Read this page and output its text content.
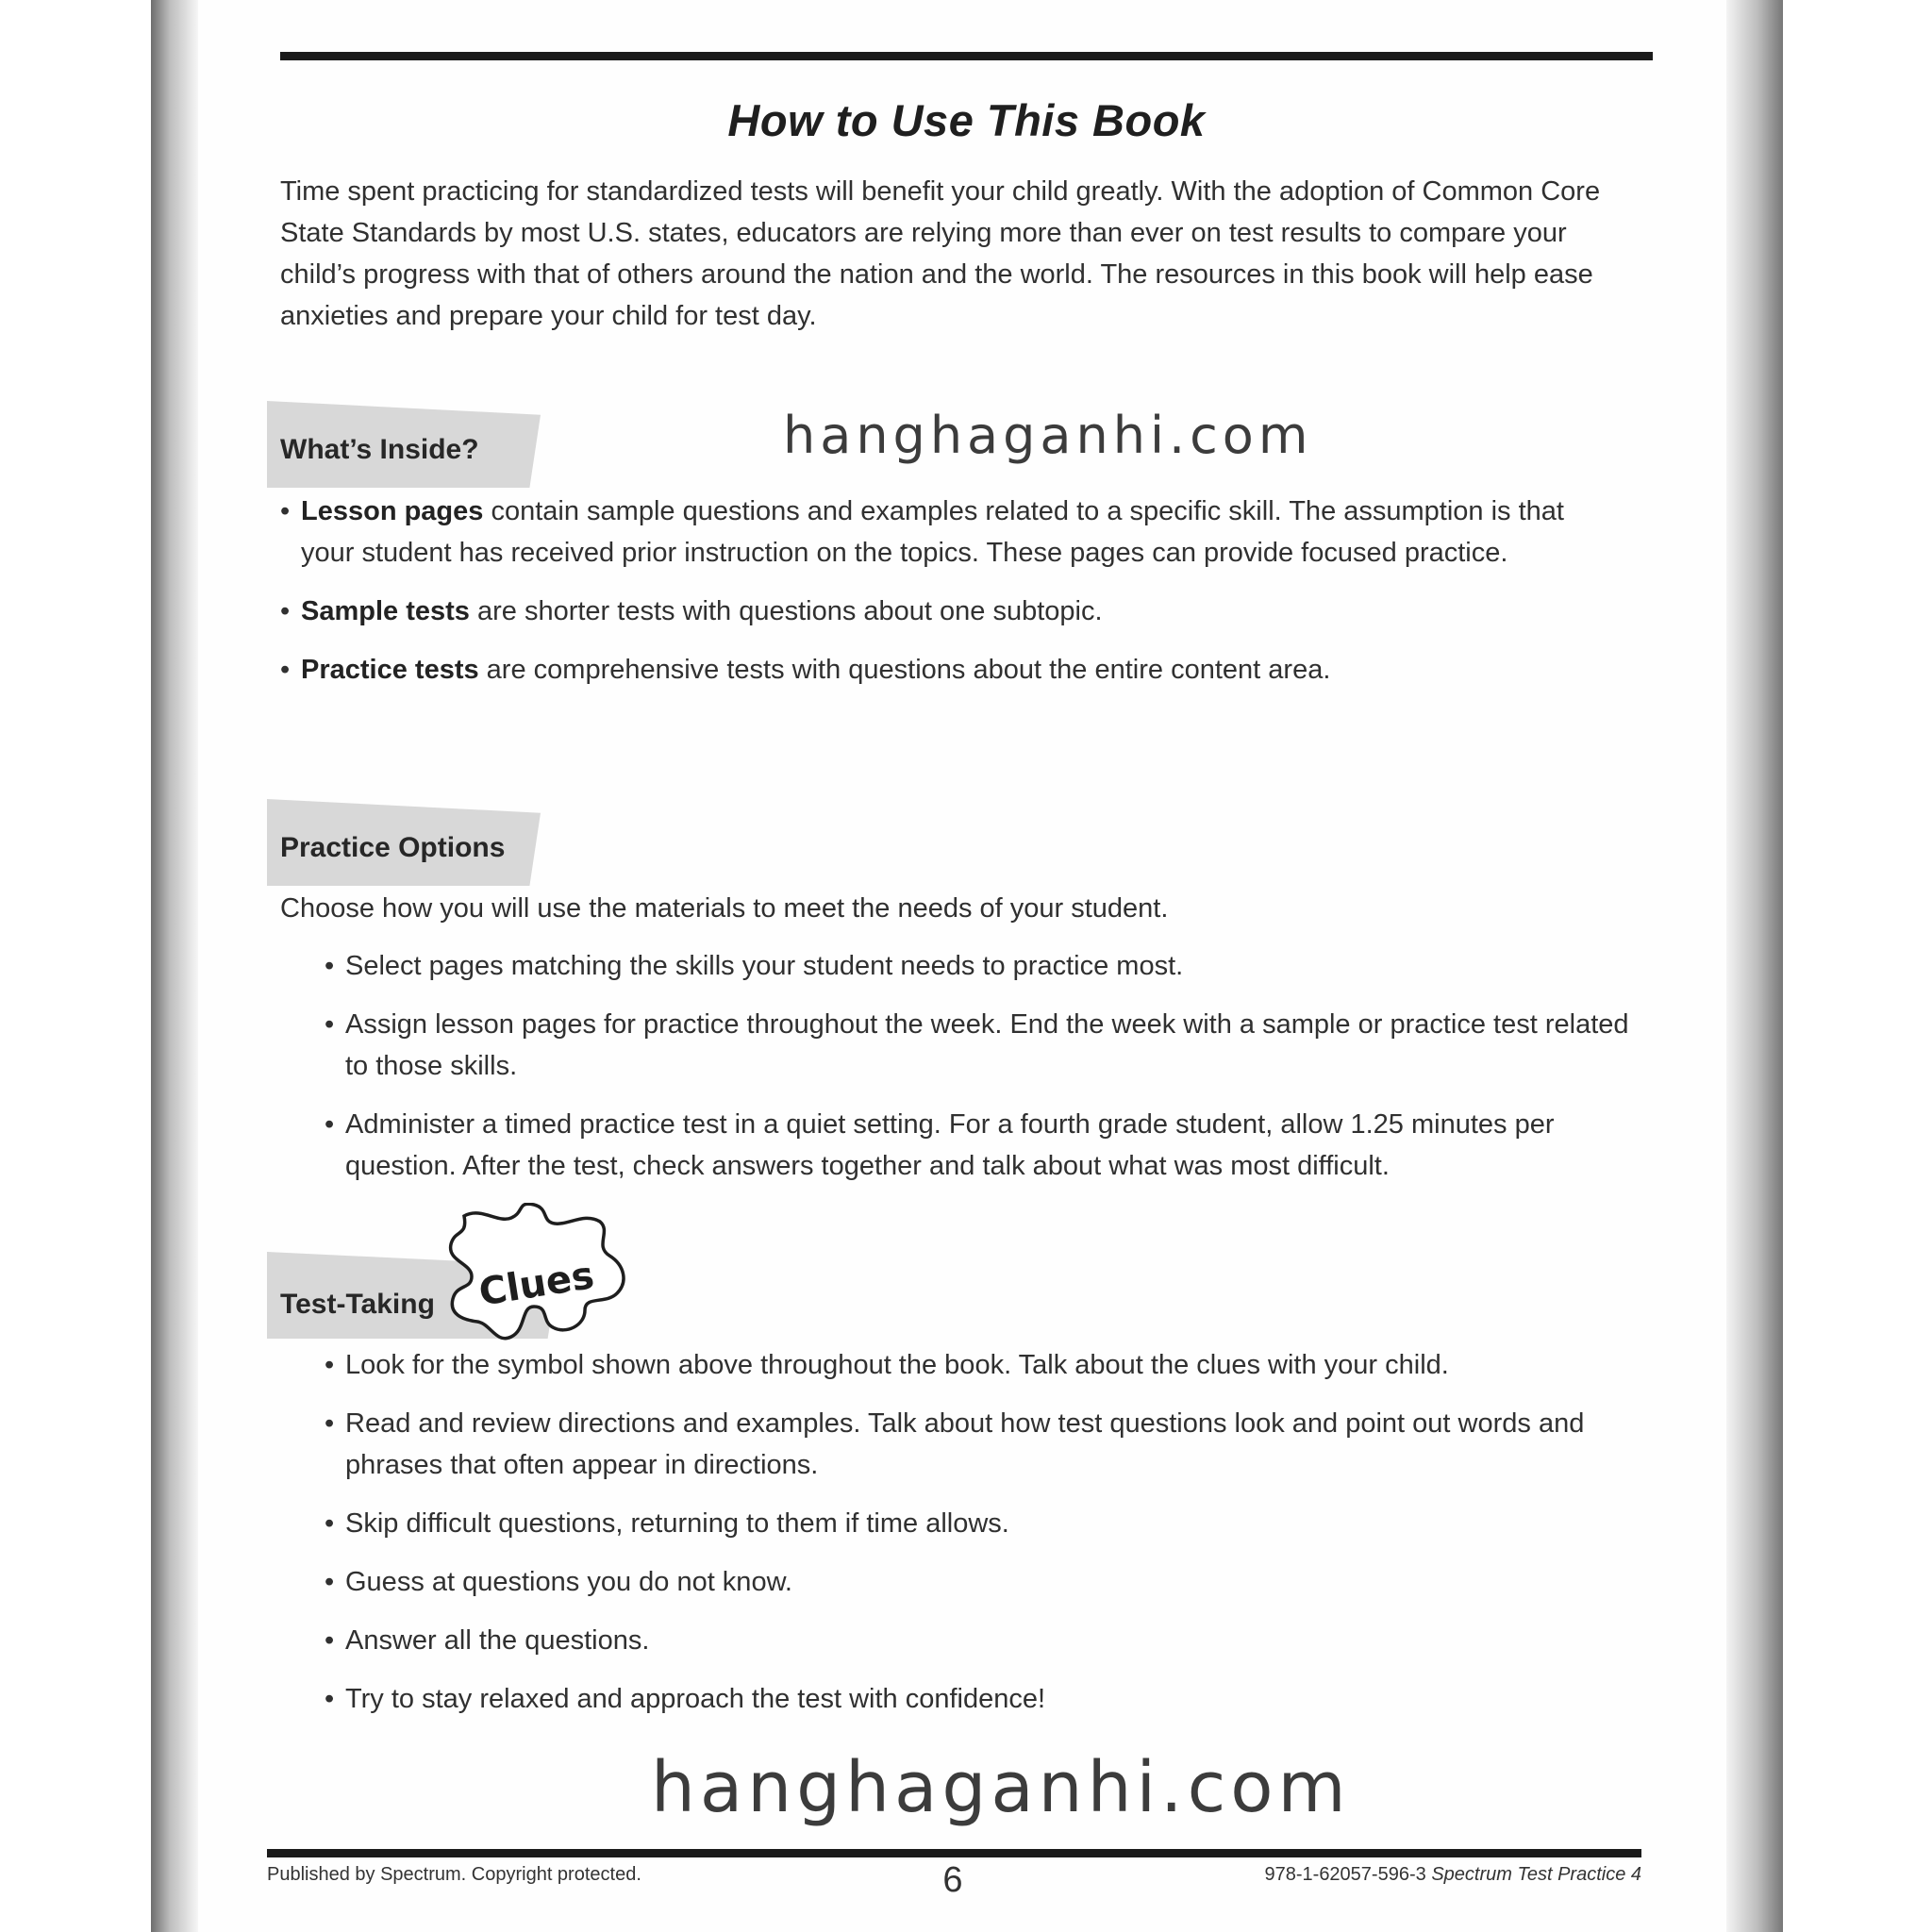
How to Use This Book

Time spent practicing for standardized tests will benefit your child greatly. With the adoption of Common Core State Standards by most U.S. states, educators are relying more than ever on test results to compare your child’s progress with that of others around the nation and the world. The resources in this book will help ease anxieties and prepare your child for test day.

What’s Inside?
• Lesson pages contain sample questions and examples related to a specific skill. The assumption is that your student has received prior instruction on the topics. These pages can provide focused practice.
• Sample tests are shorter tests with questions about one subtopic.
• Practice tests are comprehensive tests with questions about the entire content area.
Practice Options

Choose how you will use the materials to meet the needs of your student.

• Select pages matching the skills your student needs to practice most.
• Assign lesson pages for practice throughout the week. End the week with a sample or practice test related to those skills.
• Administer a timed practice test in a quiet setting. For a fourth grade student, allow 1.25 minutes per question. After the test, check answers together and talk about what was most difficult.
Test-Taking Clues
• Look for the symbol shown above throughout the book. Talk about the clues with your child.
• Read and review directions and examples. Talk about how test questions look and point out words and phrases that often appear in directions.
• Skip difficult questions, returning to them if time allows.
• Guess at questions you do not know.
• Answer all the questions.
• Try to stay relaxed and approach the test with confidence!
hanghaganhi.com
hanghaganhi.com
Published by Spectrum. Copyright protected.	6	978-1-62057-596-3 Spectrum Test Practice 4
